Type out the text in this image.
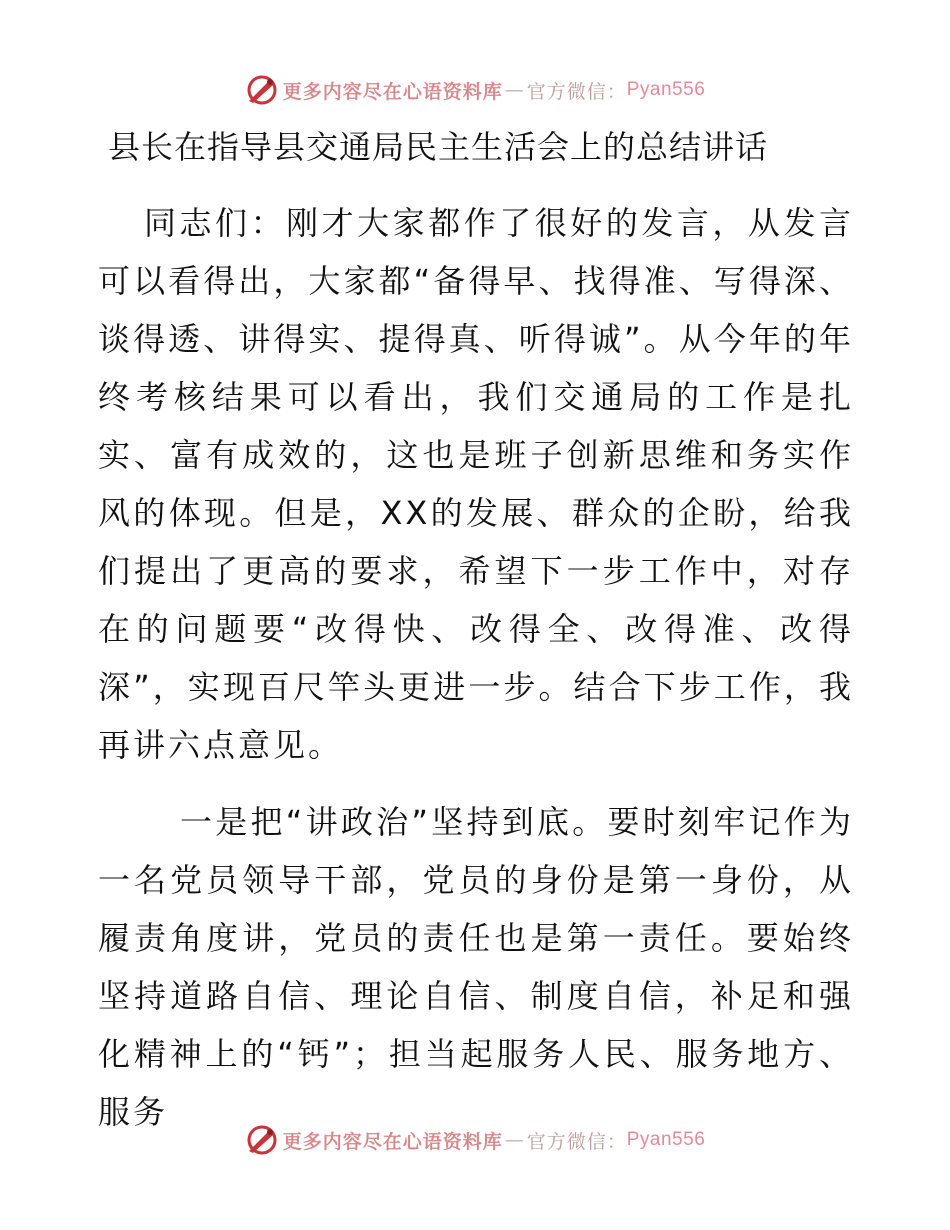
更多内容尽在心语资料库 — 官方微信： Pyan556
县长在指导县交通局民主生活会上的总结讲话

同志们：刚才大家都作了很好的发言，从发言可以看得出，大家都“备得早、找得准、写得深、谈得透、讲得实、提得真、听得诚”。从今年的年终考核结果可以看出，我们交通局的工作是扎实、富有成效的，这也是班子创新思维和务实作风的体现。但是，XX的发展、群众的企盼，给我们提出了更高的要求，希望下一步工作中，对存在的问题要“改得快、改得全、改得准、改得深”，实现百尺竿头更进一步。结合下步工作，我再讲六点意见。

一是把“讲政治”坚持到底。要时刻牢记作为一名党员领导干部，党员的身份是第一身份，从履责角度讲，党员的责任也是第一责任。要始终坚持道路自信、理论自信、制度自信，补足和强化精神上的“钙”；担当起服务人民、服务地方、服务

更多内容尽在心语资料库 — 官方微信： Pyan556
